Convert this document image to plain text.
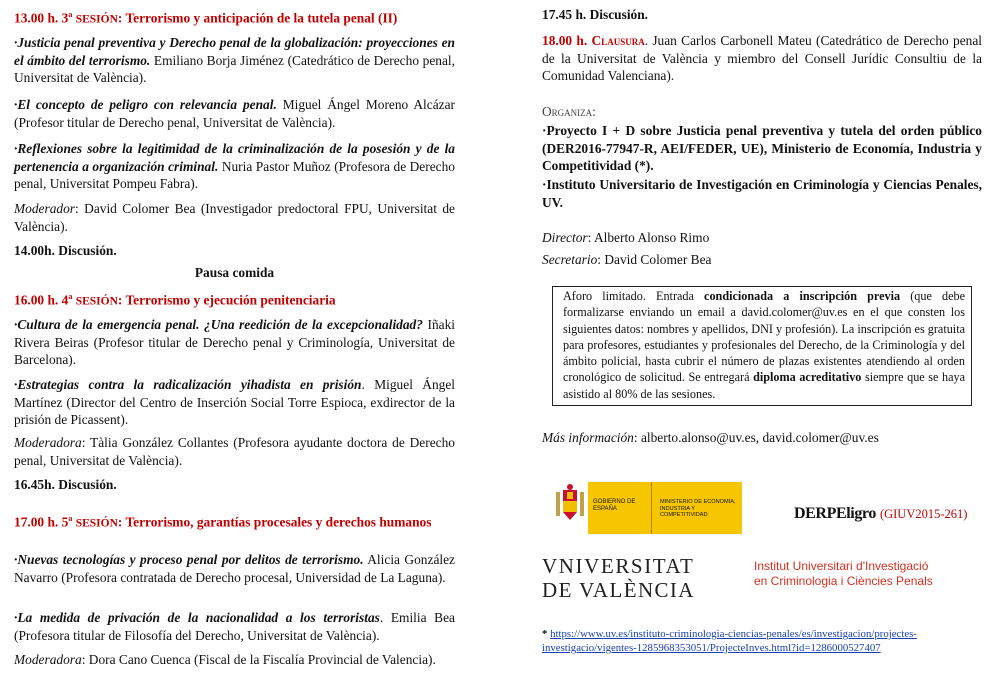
13.00 h. 3$^a$ SESIÓN: Terrorismo y anticipación de la tutela penal (II)
·Justicia penal preventiva y Derecho penal de la globalización: proyecciones en el ámbito del terrorismo. Emiliano Borja Jiménez (Catedrático de Derecho penal, Universitat de València).
·El concepto de peligro con relevancia penal. Miguel Ángel Moreno Alcázar (Profesor titular de Derecho penal, Universitat de València).
·Reflexiones sobre la legitimidad de la criminalización de la posesión y de la pertenencia a organización criminal. Nuria Pastor Muñoz (Profesora de Derecho penal, Universitat Pompeu Fabra).
Moderador: David Colomer Bea (Investigador predoctoral FPU, Universitat de València).
14.00h. Discusión.
Pausa comida
16.00 h. 4$^a$ SESIÓN: Terrorismo y ejecución penitenciaria
·Cultura de la emergencia penal. ¿Una reedición de la excepcionalidad? Iñaki Rivera Beiras (Profesor titular de Derecho penal y Criminología, Universitat de Barcelona).
·Estrategias contra la radicalización yihadista en prisión. Miguel Ángel Martínez (Director del Centro de Inserción Social Torre Espioca, exdirector de la prisión de Picassent).
Moderadora: Tàlia González Collantes (Profesora ayudante doctora de Derecho penal, Universitat de València).
16.45h. Discusión.
17.00 h. 5$^a$ SESIÓN: Terrorismo, garantías procesales y derechos humanos
·Nuevas tecnologías y proceso penal por delitos de terrorismo. Alicia González Navarro (Profesora contratada de Derecho procesal, Universidad de La Laguna).
·La medida de privación de la nacionalidad a los terroristas. Emilia Bea (Profesora titular de Filosofía del Derecho, Universitat de València).
Moderadora: Dora Cano Cuenca (Fiscal de la Fiscalía Provincial de Valencia).
17.45 h. Discusión.
18.00 h. Clausura. Juan Carlos Carbonell Mateu (Catedrático de Derecho penal de la Universitat de València y miembro del Consell Jurídic Consultiu de la Comunidad Valenciana).
Organiza:
·Proyecto I + D sobre Justicia penal preventiva y tutela del orden público (DER2016-77947-R, AEI/FEDER, UE), Ministerio de Economía, Industria y Competitividad (*).
·Instituto Universitario de Investigación en Criminología y Ciencias Penales, UV.
Director: Alberto Alonso Rimo
Secretario: David Colomer Bea
Aforo limitado. Entrada condicionada a inscripción previa (que debe formalizarse enviando un email a david.colomer@uv.es en el que consten los siguientes datos: nombres y apellidos, DNI y profesión). La inscripción es gratuita para profesores, estudiantes y profesionales del Derecho, de la Criminología y del ámbito policial, hasta cubrir el número de plazas existentes atendiendo al orden cronológico de solicitud. Se entregará diploma acreditativo siempre que se haya asistido al 80% de las sesiones.
Más información: alberto.alonso@uv.es, david.colomer@uv.es
GOBIERNO DE ESPAÑA
MINISTERIO DE ECONOMÍA, INDUSTRIA Y COMPETITIVIDAD	DERPEligro (GIUV2015-261)
VNIVERSITAT
DE VALÈNCIA
Institut Universitari d'Investigació
en Criminologia i Ciències Penals
* https://www.uv.es/instituto-criminologia-ciencias-penales/es/investigacion/projectes-investigacio/vigentes-1285968353051/ProjecteInves.html?id=1286000527407
